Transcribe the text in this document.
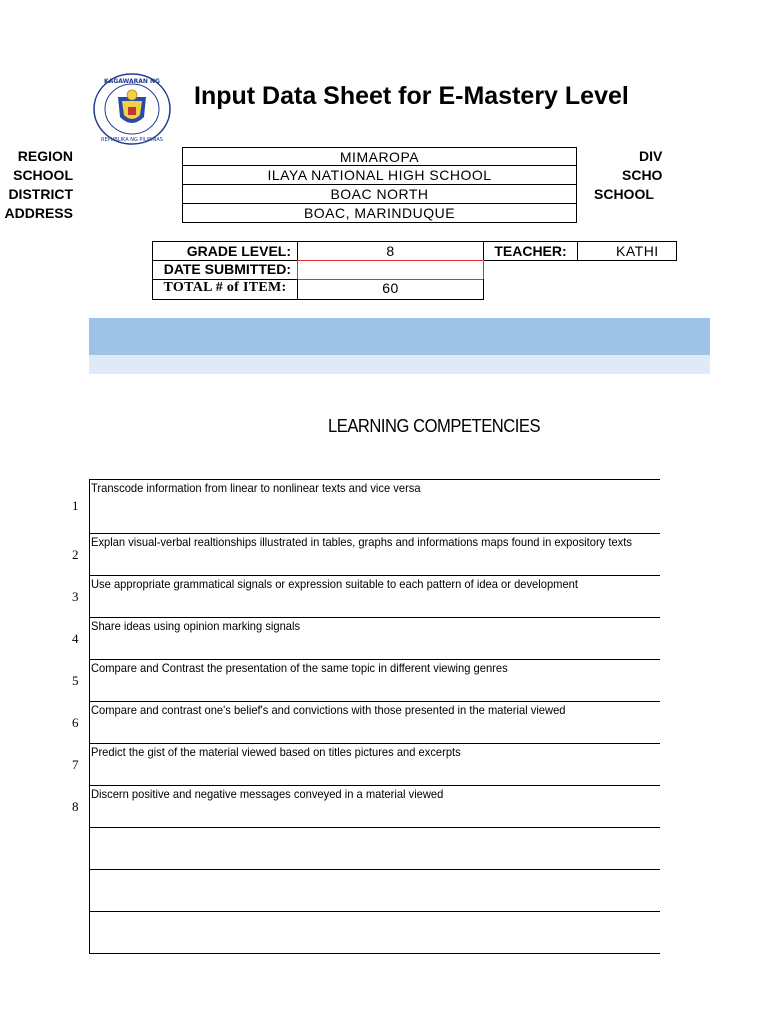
KAGAWARAN NG
REPUBLIKA NG PILIPINAS
Input Data Sheet for E-Mastery Level
REGION	MIMAROPA
SCHOOL	ILAYA NATIONAL HIGH SCHOOL
DISTRICT	BOAC NORTH
ADDRESS	BOAC, MARINDUQUE
DIV
SCHO
SCHOOL
GRADE LEVEL:	8	TEACHER:	KATHI
DATE SUBMITTED:
TOTAL # of ITEM:	60
LEARNING COMPETENCIES
1
Transcode information from linear to nonlinear texts and vice versa
2
Explan visual-verbal realtionships illustrated in tables, graphs and informations maps found in expository texts
3
Use appropriate grammatical signals or expression suitable to each pattern of idea or development
4
Share ideas using opinion marking signals
5
Compare and Contrast the presentation of the same topic in different viewing genres
6
Compare and contrast one's belief's and convictions with those presented in the material viewed
7
Predict the gist of the material viewed based on titles pictures and excerpts
8
Discern positive and negative messages conveyed in a material viewed
